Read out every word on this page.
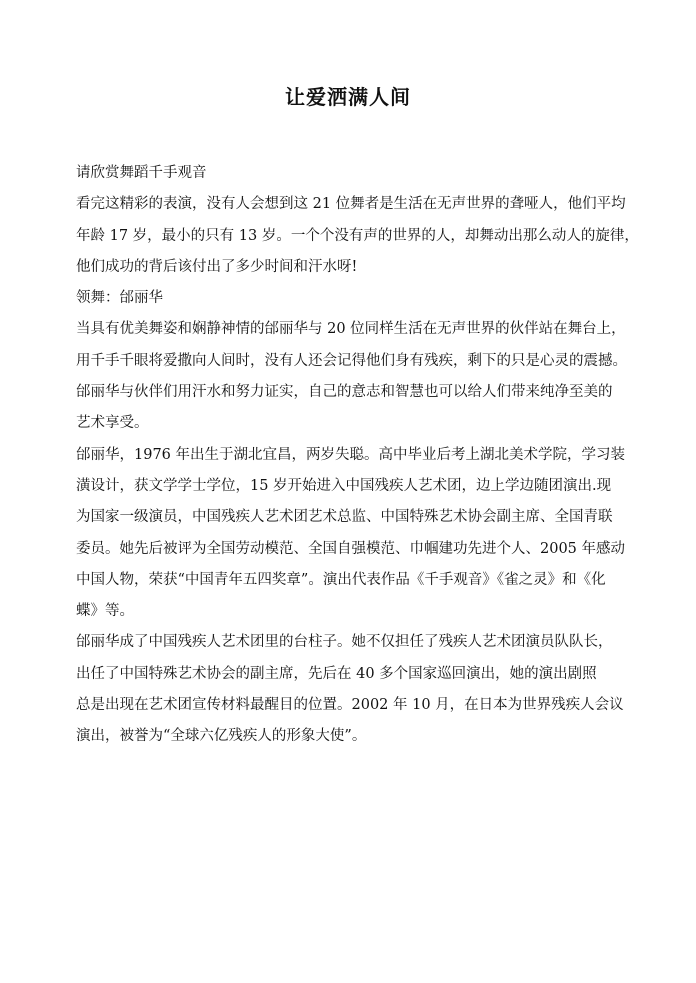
让爱洒满人间
请欣赏舞蹈千手观音
看完这精彩的表演，没有人会想到这 21 位舞者是生活在无声世界的聋哑人，他们平均
年龄 17 岁，最小的只有 13 岁。一个个没有声的世界的人，却舞动出那么动人的旋律，
他们成功的背后该付出了多少时间和汗水呀!
领舞：邰丽华
当具有优美舞姿和娴静神情的邰丽华与 20 位同样生活在无声世界的伙伴站在舞台上，
用千手千眼将爱撒向人间时，没有人还会记得他们身有残疾，剩下的只是心灵的震撼。
邰丽华与伙伴们用汗水和努力证实，自己的意志和智慧也可以给人们带来纯净至美的
艺术享受。
邰丽华，1976 年出生于湖北宜昌，两岁失聪。高中毕业后考上湖北美术学院，学习装
潢设计，获文学学士学位，15 岁开始进入中国残疾人艺术团，边上学边随团演出.现
为国家一级演员，中国残疾人艺术团艺术总监、中国特殊艺术协会副主席、全国青联
委员。她先后被评为全国劳动模范、全国自强模范、巾帼建功先进个人、2005 年感动
中国人物，荣获“中国青年五四奖章”。演出代表作品《千手观音》《雀之灵》和《化
蝶》等。
邰丽华成了中国残疾人艺术团里的台柱子。她不仅担任了残疾人艺术团演员队队长，
出任了中国特殊艺术协会的副主席，先后在 40 多个国家巡回演出，她的演出剧照
总是出现在艺术团宣传材料最醒目的位置。2002 年 10 月，在日本为世界残疾人会议
演出，被誉为“全球六亿残疾人的形象大使”。
